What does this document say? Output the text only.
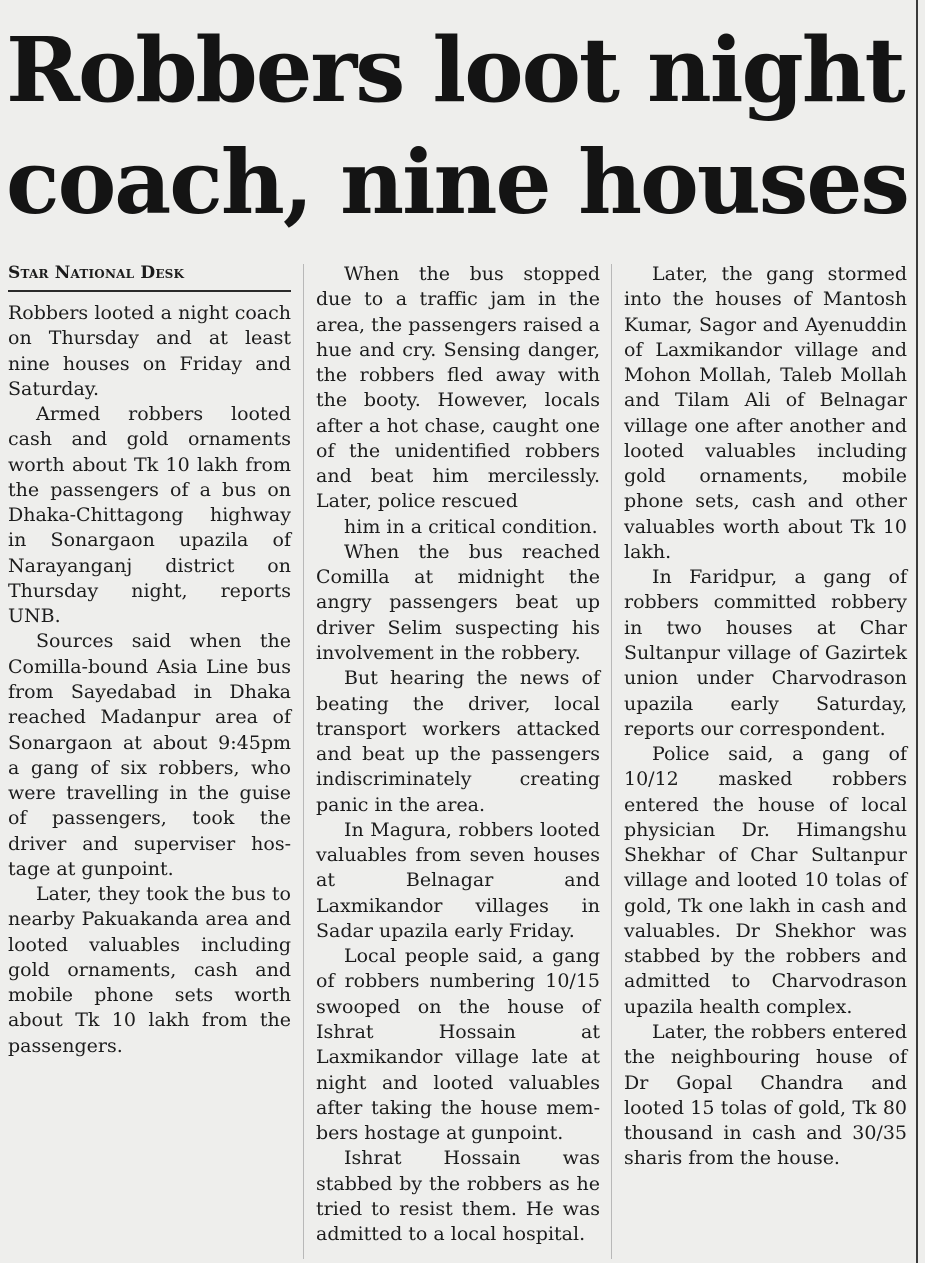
Robbers loot night
coach, nine houses
Star National Desk

Robbers looted a night coach on Thursday and at least nine houses on Friday and Saturday.

Armed robbers looted cash and gold ornaments worth about Tk 10 lakh from the passengers of a bus on Dhaka-Chittagong highway in Sonargaon upazila of Narayanganj district on Thursday night, reports UNB.

Sources said when the Comilla-bound Asia Line bus from Sayedabad in Dhaka reached Madanpur area of Sonargaon at about 9:45pm a gang of six robbers, who were travelling in the guise of passengers, took the driver and superviser hostage at gunpoint.

Later, they took the bus to nearby Pakuakanda area and looted valuables including gold ornaments, cash and mobile phone sets worth about Tk 10 lakh from the passengers.

When the bus stopped due to a traffic jam in the area, the passengers raised a hue and cry. Sensing danger, the robbers fled away with the booty. However, locals after a hot chase, caught one of the unidentified robbers and beat him mercilessly. Later, police rescued

him in a critical condition.

When the bus reached Comilla at midnight the angry passengers beat up driver Selim suspecting his involvement in the robbery.

But hearing the news of beating the driver, local transport workers attacked and beat up the passengers indiscriminately creating panic in the area.

In Magura, robbers looted valuables from seven houses at Belnagar and Laxmikandor villages in Sadar upazila early Friday.

Local people said, a gang of robbers numbering 10/15 swooped on the house of Ishrat Hossain at Laxmikandor village late at night and looted valuables after taking the house members hostage at gunpoint.

Ishrat Hossain was stabbed by the robbers as he tried to resist them. He was admitted to a local hospital.

Later, the gang stormed into the houses of Mantosh Kumar, Sagor and Ayenuddin of Laxmikandor village and Mohon Mollah, Taleb Mollah and Tilam Ali of Belnagar village one after another and looted valuables including gold ornaments, mobile phone sets, cash and other valuables worth about Tk 10 lakh.

In Faridpur, a gang of robbers committed robbery in two houses at Char Sultanpur village of Gazirtek union under Charvodrason upazila early Saturday, reports our correspondent.

Police said, a gang of 10/12 masked robbers entered the house of local physician Dr. Himangshu Shekhar of Char Sultanpur village and looted 10 tolas of gold, Tk one lakh in cash and valuables. Dr Shekhor was stabbed by the robbers and admitted to Charvodrason upazila health complex.

Later, the robbers entered the neighbouring house of Dr Gopal Chandra and looted 15 tolas of gold, Tk 80 thousand in cash and 30/35 sharis from the house.
